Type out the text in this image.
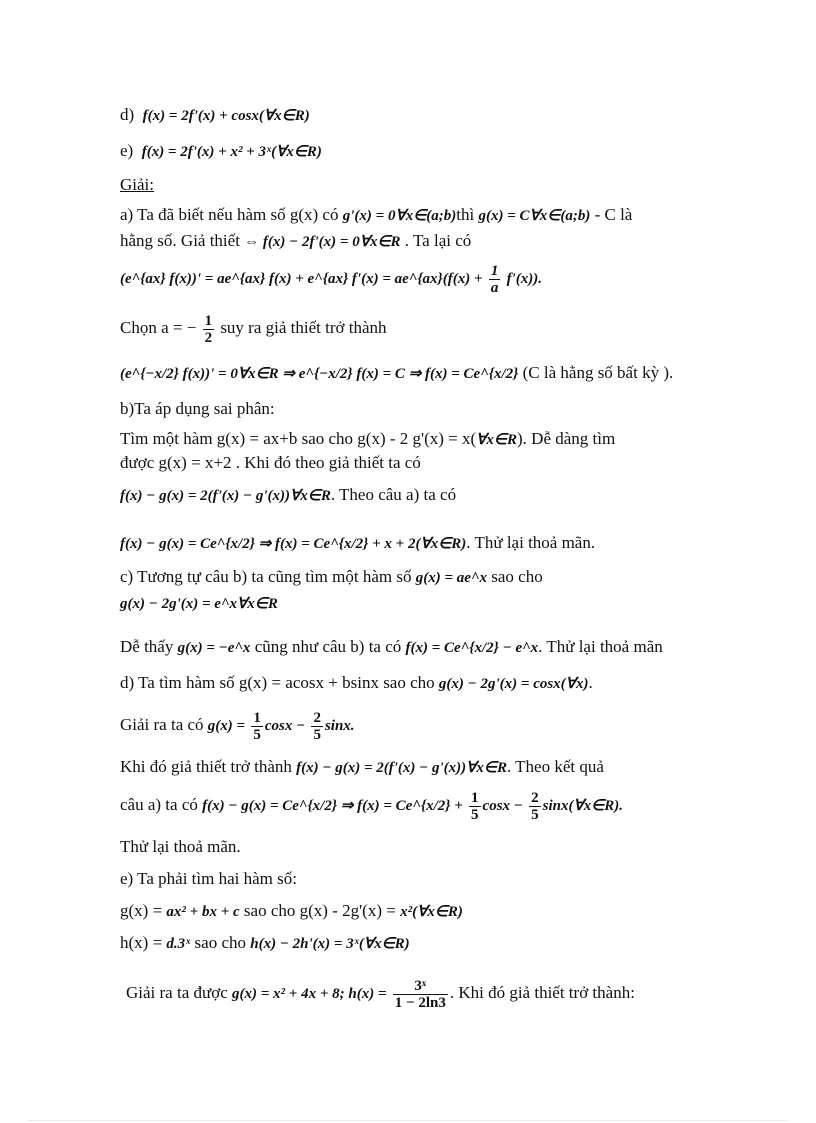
d) f(x) = 2f'(x) + cosx(∀x∈R)
e) f(x) = 2f'(x) + x² + 3ˣ(∀x∈R)
Giải:
a) Ta đã biết nếu hàm số g(x) có g'(x) = 0∀x∈(a;b)thì g(x) = C∀x∈(a;b) - C là
hằng số. Giả thiết ⇔ f(x) − 2f'(x) = 0∀x∈R . Ta lại có
(e^{ax} f(x))' = ae^{ax} f(x) + e^{ax} f'(x) = ae^{ax}(f(x) + $\frac{1}{a} f'(x)$).
Chọn a = − $\frac{1}{2}$ suy ra giả thiết trở thành
(e^{−x/2} f(x))' = 0∀x∈R ⇒ e^{−x/2} f(x) = C ⇒ f(x) = Ce^{x/2} (C là hằng số bất kỳ ).
b)Ta áp dụng sai phân:
Tìm một hàm g(x) = ax+b sao cho g(x) - 2 g'(x) = x(∀x∈R). Dễ dàng tìm
được g(x) = x+2 . Khi đó theo giả thiết ta có
f(x) − g(x) = 2(f'(x) − g'(x))∀x∈R. Theo câu a) ta có
f(x) − g(x) = Ce^{x/2} ⇒ f(x) = Ce^{x/2} + x + 2(∀x∈R). Thử lại thoả mãn.
c) Tương tự câu b) ta cũng tìm một hàm số g(x) = ae^x sao cho
g(x) − 2g'(x) = e^x∀x∈R
Dễ thấy g(x) = −e^x cũng như câu b) ta có f(x) = Ce^{x/2} − e^x. Thử lại thoả mãn
d) Ta tìm hàm số g(x) = acosx + bsinx sao cho g(x) − 2g'(x) = cosx(∀x).
Giải ra ta có $g(x) = \frac{1}{5}$ $\cos x - \frac{2}{5} \sin x$.
Khi đó giả thiết trở thành f(x) − g(x) = 2(f'(x) − g'(x))∀x∈R. Theo kết quả
câu a) ta có f(x) − g(x) = Ce^{x/2} ⇒ f(x) = Ce^{x/2} + $\frac{1}{5}$ $\cos x - \frac{2}{5}$ sinx(∀x∈R).
Thử lại thoả mãn.
e) Ta phải tìm hai hàm số:
g(x) = ax² + bx + c sao cho g(x) - 2g'(x) = x²(∀x∈R)
h(x) = d.3ˣ sao cho h(x) − 2h'(x) = 3ˣ(∀x∈R)
Giải ra ta được g(x) = x² + 4x + 8; $h(x) = \frac{\text{3ˣ}}{1 - 2\ln 3}$ . Khi đó giả thiết trở thành:
